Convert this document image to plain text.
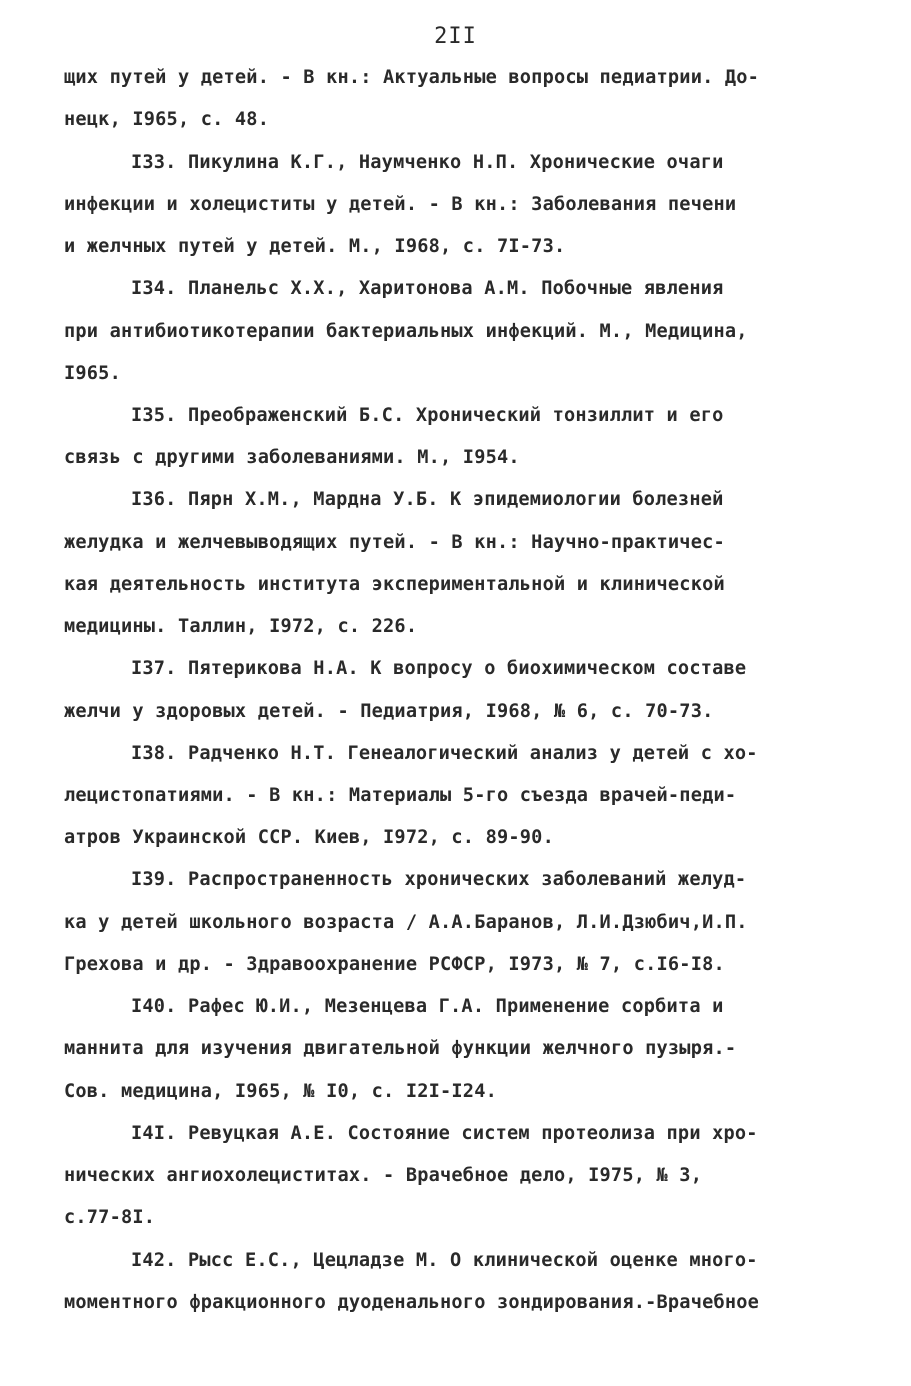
2II
щих путей у детей. - В кн.: Актуальные вопросы педиатрии. До-
нецк, I965, с. 48.
I33. Пикулина К.Г., Наумченко Н.П. Хронические очаги
инфекции и холециститы у детей. - В кн.: Заболевания печени
и желчных путей у детей. М., I968, с. 7I-73.
I34. Планельс Х.Х., Харитонова А.М. Побочные явления
при антибиотикотерапии бактериальных инфекций. М., Медицина,
I965.
I35. Преображенский Б.С. Хронический тонзиллит и его
связь с другими заболеваниями. М., I954.
I36. Пярн Х.М., Мардна У.Б. К эпидемиологии болезней
желудка и желчевыводящих путей. - В кн.: Научно-практичес-
кая деятельность института экспериментальной и клинической
медицины. Таллин, I972, с. 226.
I37. Пятерикова Н.А. К вопросу о биохимическом составе
желчи у здоровых детей. - Педиатрия, I968, № 6, с. 70-73.
I38. Радченко Н.Т. Генеалогический анализ у детей с хо-
лецистопатиями. - В кн.: Материалы 5-го съезда врачей-педи-
атров Украинской ССР. Киев, I972, с. 89-90.
I39. Распространенность хронических заболеваний желуд-
ка у детей школьного возраста / А.А.Баранов, Л.И.Дзюбич,И.П.
Грехова и др. - Здравоохранение РСФСР, I973, № 7, с.I6-I8.
I40. Рафес Ю.И., Мезенцева Г.А. Применение сорбита и
маннита для изучения двигательной функции желчного пузыря.-
Сов. медицина, I965, № I0, с. I2I-I24.
I4I. Ревуцкая А.Е. Состояние систем протеолиза при хро-
нических ангиохолециститах. - Врачебное дело, I975, № 3,
с.77-8I.
I42. Рысс Е.С., Цецладзе М. О клинической оценке много-
моментного фракционного дуоденального зондирования.-Врачебное
